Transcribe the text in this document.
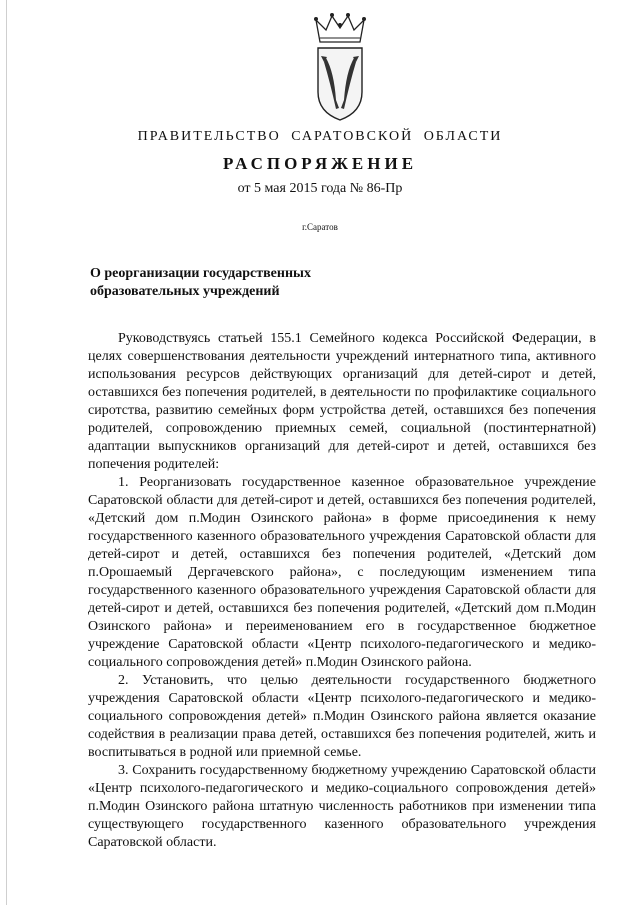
ПРАВИТЕЛЬСТВО САРАТОВСКОЙ ОБЛАСТИ
РАСПОРЯЖЕНИЕ
от 5 мая 2015 года № 86-Пр
г.Саратов
О реорганизации государственных
образовательных учреждений

Руководствуясь статьей 155.1 Семейного кодекса Российской Федерации, в целях совершенствования деятельности учреждений интернатного типа, активного использования ресурсов действующих организаций для детей-сирот и детей, оставшихся без попечения родителей, в деятельности по профилактике социального сиротства, развитию семейных форм устройства детей, оставшихся без попечения родителей, сопровождению приемных семей, социальной (постинтернатной) адаптации выпускников организаций для детей-сирот и детей, оставшихся без попечения родителей:

1. Реорганизовать государственное казенное образовательное учреждение Саратовской области для детей-сирот и детей, оставшихся без попечения родителей, «Детский дом п.Модин Озинского района» в форме присоединения к нему государственного казенного образовательного учреждения Саратовской области для детей-сирот и детей, оставшихся без попечения родителей, «Детский дом п.Орошаемый Дергачевского района», с последующим изменением типа государственного казенного образовательного учреждения Саратовской области для детей-сирот и детей, оставшихся без попечения родителей, «Детский дом п.Модин Озинского района» и переименованием его в государственное бюджетное учреждение Саратовской области «Центр психолого-педагогического и медико-социального сопровождения детей» п.Модин Озинского района.

2. Установить, что целью деятельности государственного бюджетного учреждения Саратовской области «Центр психолого-педагогического и медико-социального сопровождения детей» п.Модин Озинского района является оказание содействия в реализации права детей, оставшихся без попечения родителей, жить и воспитываться в родной или приемной семье.

3. Сохранить государственному бюджетному учреждению Саратовской области «Центр психолого-педагогического и медико-социального сопровождения детей» п.Модин Озинского района штатную численность работников при изменении типа существующего государственного казенного образовательного учреждения Саратовской области.
